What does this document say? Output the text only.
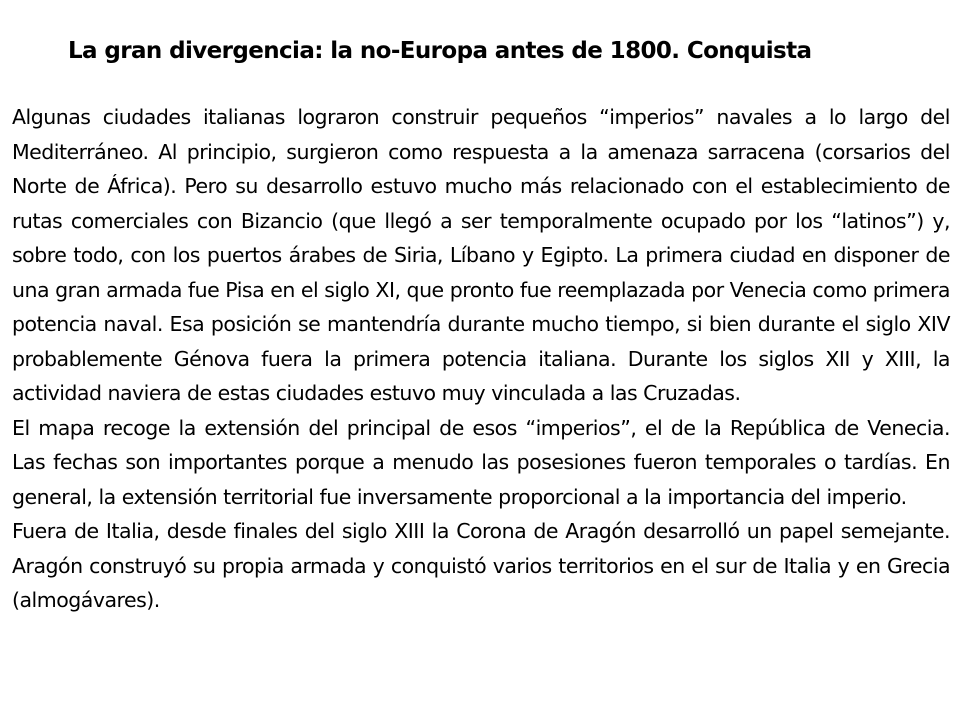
La gran divergencia: la no-Europa antes de 1800. Conquista

Algunas ciudades italianas lograron construir pequeños “imperios” navales a lo largo del Mediterráneo. Al principio, surgieron como respuesta a la amenaza sarracena (corsarios del Norte de África). Pero su desarrollo estuvo mucho más relacionado con el establecimiento de rutas comerciales con Bizancio (que llegó a ser temporalmente ocupado por los “latinos”) y, sobre todo, con los puertos árabes de Siria, Líbano y Egipto. La primera ciudad en disponer de una gran armada fue Pisa en el siglo XI, que pronto fue reemplazada por Venecia como primera potencia naval. Esa posición se mantendría durante mucho tiempo, si bien durante el siglo XIV probablemente Génova fuera la primera potencia italiana. Durante los siglos XII y XIII, la actividad naviera de estas ciudades estuvo muy vinculada a las Cruzadas.

El mapa recoge la extensión del principal de esos “imperios”, el de la República de Venecia. Las fechas son importantes porque a menudo las posesiones fueron temporales o tardías. En general, la extensión territorial fue inversamente proporcional a la importancia del imperio.

Fuera de Italia, desde finales del siglo XIII la Corona de Aragón desarrolló un papel semejante. Aragón construyó su propia armada y conquistó varios territorios en el sur de Italia y en Grecia (almogávares).
